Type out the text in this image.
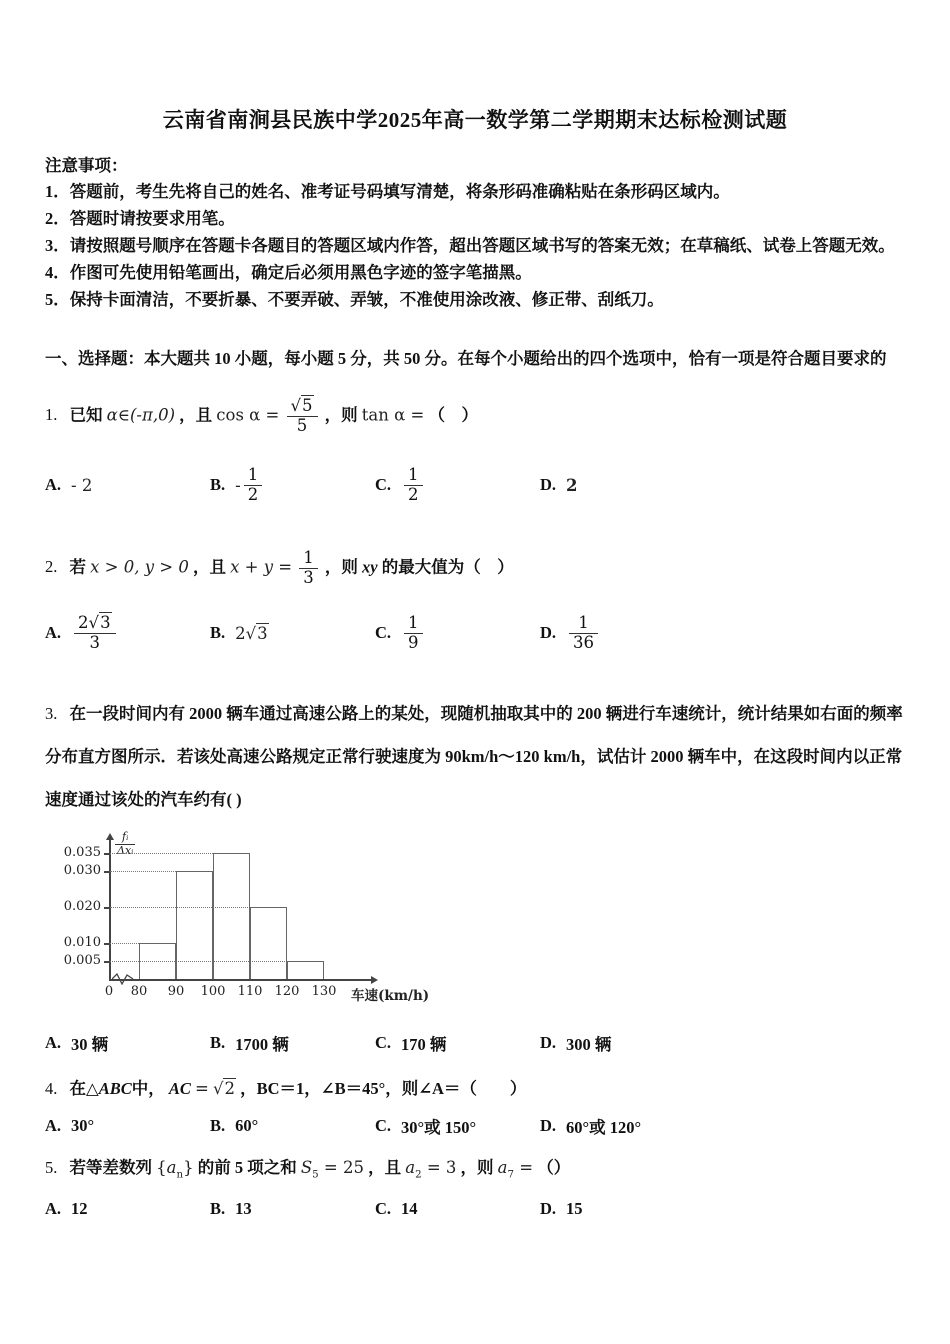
云南省南涧县民族中学2025年高一数学第二学期期末达标检测试题

注意事项：

1．答题前，考生先将自己的姓名、准考证号码填写清楚，将条形码准确粘贴在条形码区域内。

2．答题时请按要求用笔。

3．请按照题号顺序在答题卡各题目的答题区域内作答，超出答题区域书写的答案无效；在草稿纸、试卷上答题无效。

4．作图可先使用铅笔画出，确定后必须用黑色字迹的签字笔描黑。

5．保持卡面清洁，不要折暴、不要弄破、弄皱，不准使用涂改液、修正带、刮纸刀。

一、选择题：本大题共 10 小题，每小题 5 分，共 50 分。在每个小题给出的四个选项中，恰有一项是符合题目要求的

1. 已知 α∈(-π,0) ，且 cos α = √ $\frac{5}{5}$ ，则 tan α = （　）

A. - 2	B. -
1
2	C.
1
2	D. 2

2. 若 x > 0, y > 0 ，且 $x + y = \frac{1}{3}$ ，则 xy 的最大值为（　）

A.
2 √ 3
3	B. 2 √ 3	C.
1
9	D.
1
36

3. 在一段时间内有 2000 辆车通过高速公路上的某处，现随机抽取其中的 200 辆进行车速统计，统计结果如右面的频率分布直方图所示．若该处高速公路规定正常行驶速度为 90km/h～120 km/h，试估计 2000 辆车中，在这段时间内以正常速度通过该处的汽车约有( )

fᵢ
Δxᵢ
车速(km/h)
0.005
0.010
0.020
0.030
0.035
0	80	90	100 110 120 130
A. 30 辆	B. 1700 辆	C. 170 辆	D. 300 辆

4. 在△ABC中， AC = √ 2 ，BC＝1，∠B＝45°，则∠A＝（　　）

A. 30°	B. 60°	C. 30°或 150°	D. 60°或 120°

5. 若等差数列 $\{a_n\}$ 的前 5 项之和 $S_5 = 25$ ，且 $a_2 = 3$ ，则 $a_7$ = （）

A. 12	B. 13	C. 14	D. 15
